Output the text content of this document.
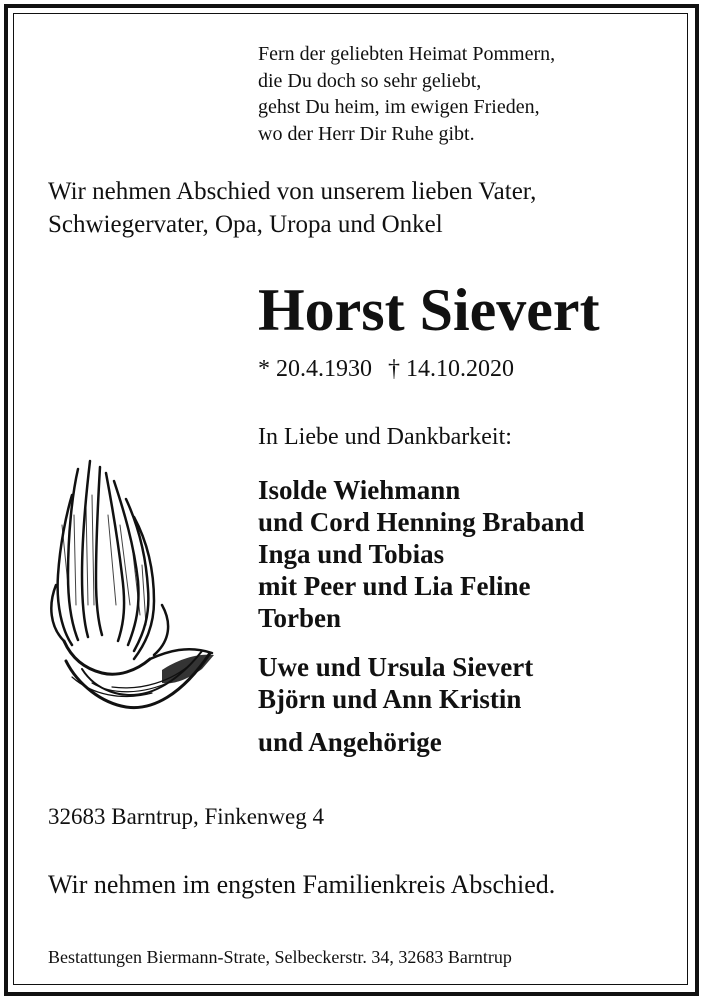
Fern der geliebten Heimat Pommern,
die Du doch so sehr geliebt,
gehst Du heim, im ewigen Frieden,
wo der Herr Dir Ruhe gibt.
Wir nehmen Abschied von unserem lieben Vater,
Schwiegervater, Opa, Uropa und Onkel
Horst Sievert
* 20.4.1930 † 14.10.2020
In Liebe und Dankbarkeit:
Isolde Wiehmann
und Cord Henning Braband
Inga und Tobias
mit Peer und Lia Feline
Torben
Uwe und Ursula Sievert
Björn und Ann Kristin
und Angehörige
32683 Barntrup, Finkenweg 4
Wir nehmen im engsten Familienkreis Abschied.
Bestattungen Biermann-Strate, Selbeckerstr. 34, 32683 Barntrup
